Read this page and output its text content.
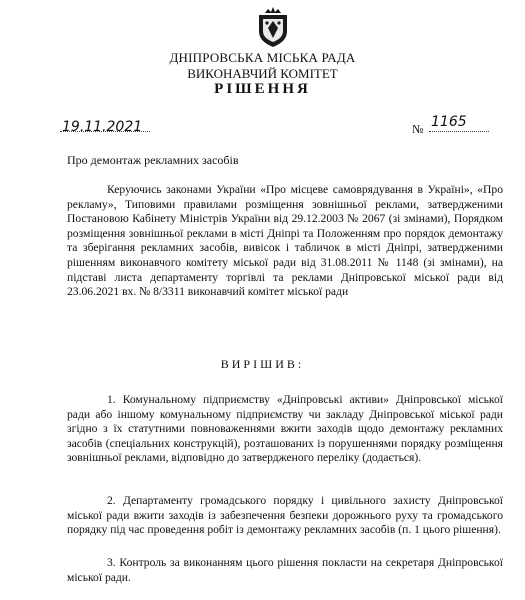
ДНІПРОВСЬКА МІСЬКА РАДА
ВИКОНАВЧИЙ КОМІТЕТ
РІШЕННЯ
19.11.2021	№ 1165
Про демонтаж рекламних засобів
Керуючись законами України «Про місцеве самоврядування в Україні», «Про рекламу», Типовими правилами розміщення зовнішньої реклами, затвердженими Постановою Кабінету Міністрів України від 29.12.2003 № 2067 (зі змінами), Порядком розміщення зовнішньої реклами в місті Дніпрі та Положенням про порядок демонтажу та зберігання рекламних засобів, вивісок і табличок в місті Дніпрі, затвердженими рішенням виконавчого комітету міської ради від 31.08.2011 № 1148 (зі змінами), на підставі листа департаменту торгівлі та реклами Дніпровської міської ради від 23.06.2021 вх. № 8/3311 виконавчий комітет міської ради
ВИРІШИВ:
1. Комунальному підприємству «Дніпровські активи» Дніпровської міської ради або іншому комунальному підприємству чи закладу Дніпровської міської ради згідно з їх статутними повноваженнями вжити заходів щодо демонтажу рекламних засобів (спеціальних конструкцій), розташованих із порушеннями порядку розміщення зовнішньої реклами, відповідно до затвердженого переліку (додається).
2. Департаменту громадського порядку і цивільного захисту Дніпровської міської ради вжити заходів із забезпечення безпеки дорожнього руху та громадського порядку під час проведення робіт із демонтажу рекламних засобів (п. 1 цього рішення).
3. Контроль за виконанням цього рішення покласти на секретаря Дніпровської міської ради.
